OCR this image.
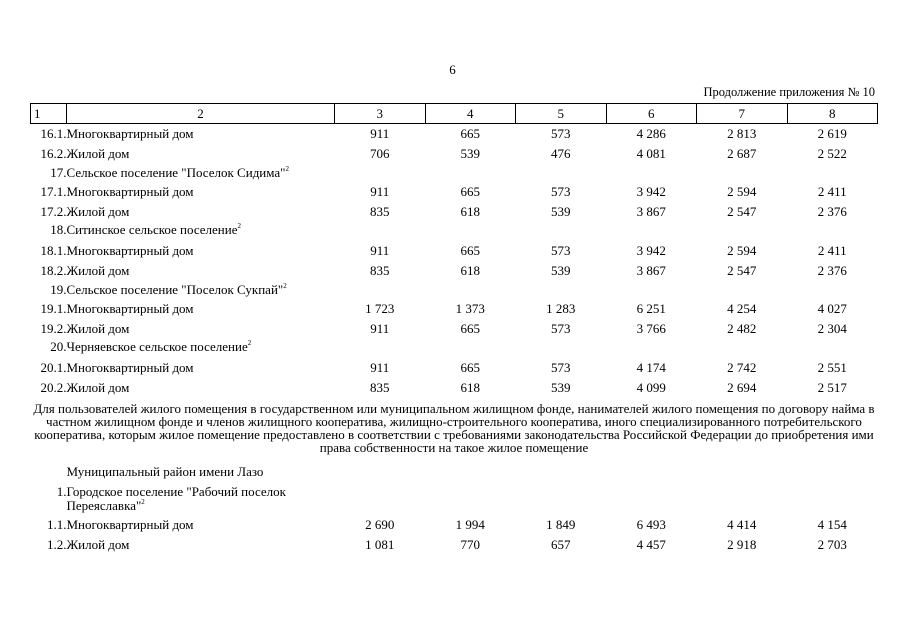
6
Продолжение приложения № 10
1	2	3	4	5	6	7	8
16.1.	Многоквартирный дом	911	665	573	4 286	2 813	2 619
16.2.	Жилой дом	706	539	476	4 081	2 687	2 522
17.	Сельское поселение "Поселок Сидима"$^2$	
17.1.	Многоквартирный дом	911	665	573	3 942	2 594	2 411
17.2.	Жилой дом	835	618	539	3 867	2 547	2 376
18.	Ситинское сельское поселение$^2$	
18.1.	Многоквартирный дом	911	665	573	3 942	2 594	2 411
18.2.	Жилой дом	835	618	539	3 867	2 547	2 376
19.	Сельское поселение "Поселок Сукпай"$^2$	
19.1.	Многоквартирный дом	1 723	1 373	1 283	6 251	4 254	4 027
19.2.	Жилой дом	911	665	573	3 766	2 482	2 304
20.	Черняевское сельское поселение$^2$	
20.1.	Многоквартирный дом	911	665	573	4 174	2 742	2 551
20.2.	Жилой дом	835	618	539	4 099	2 694	2 517
Для пользователей жилого помещения в государственном или муниципальном жилищном фонде, нанимателей жилого помещения по договору найма в частном жилищном фонде и членов жилищного кооператива, жилищно-строительного кооператива, иного специализированного потребительского кооператива, которым жилое помещение предоставлено в соответствии с требованиями законодательства Российской Федерации до приобретения ими права собственности на такое жилое помещение							
	Муниципальный район имени Лазо						
1.	Городское поселение "Рабочий поселок Переяславка"$^2$	
1.1.	Многоквартирный дом	2 690	1 994	1 849	6 493	4 414	4 154
1.2.	Жилой дом	1 081	770	657	4 457	2 918	2 703
